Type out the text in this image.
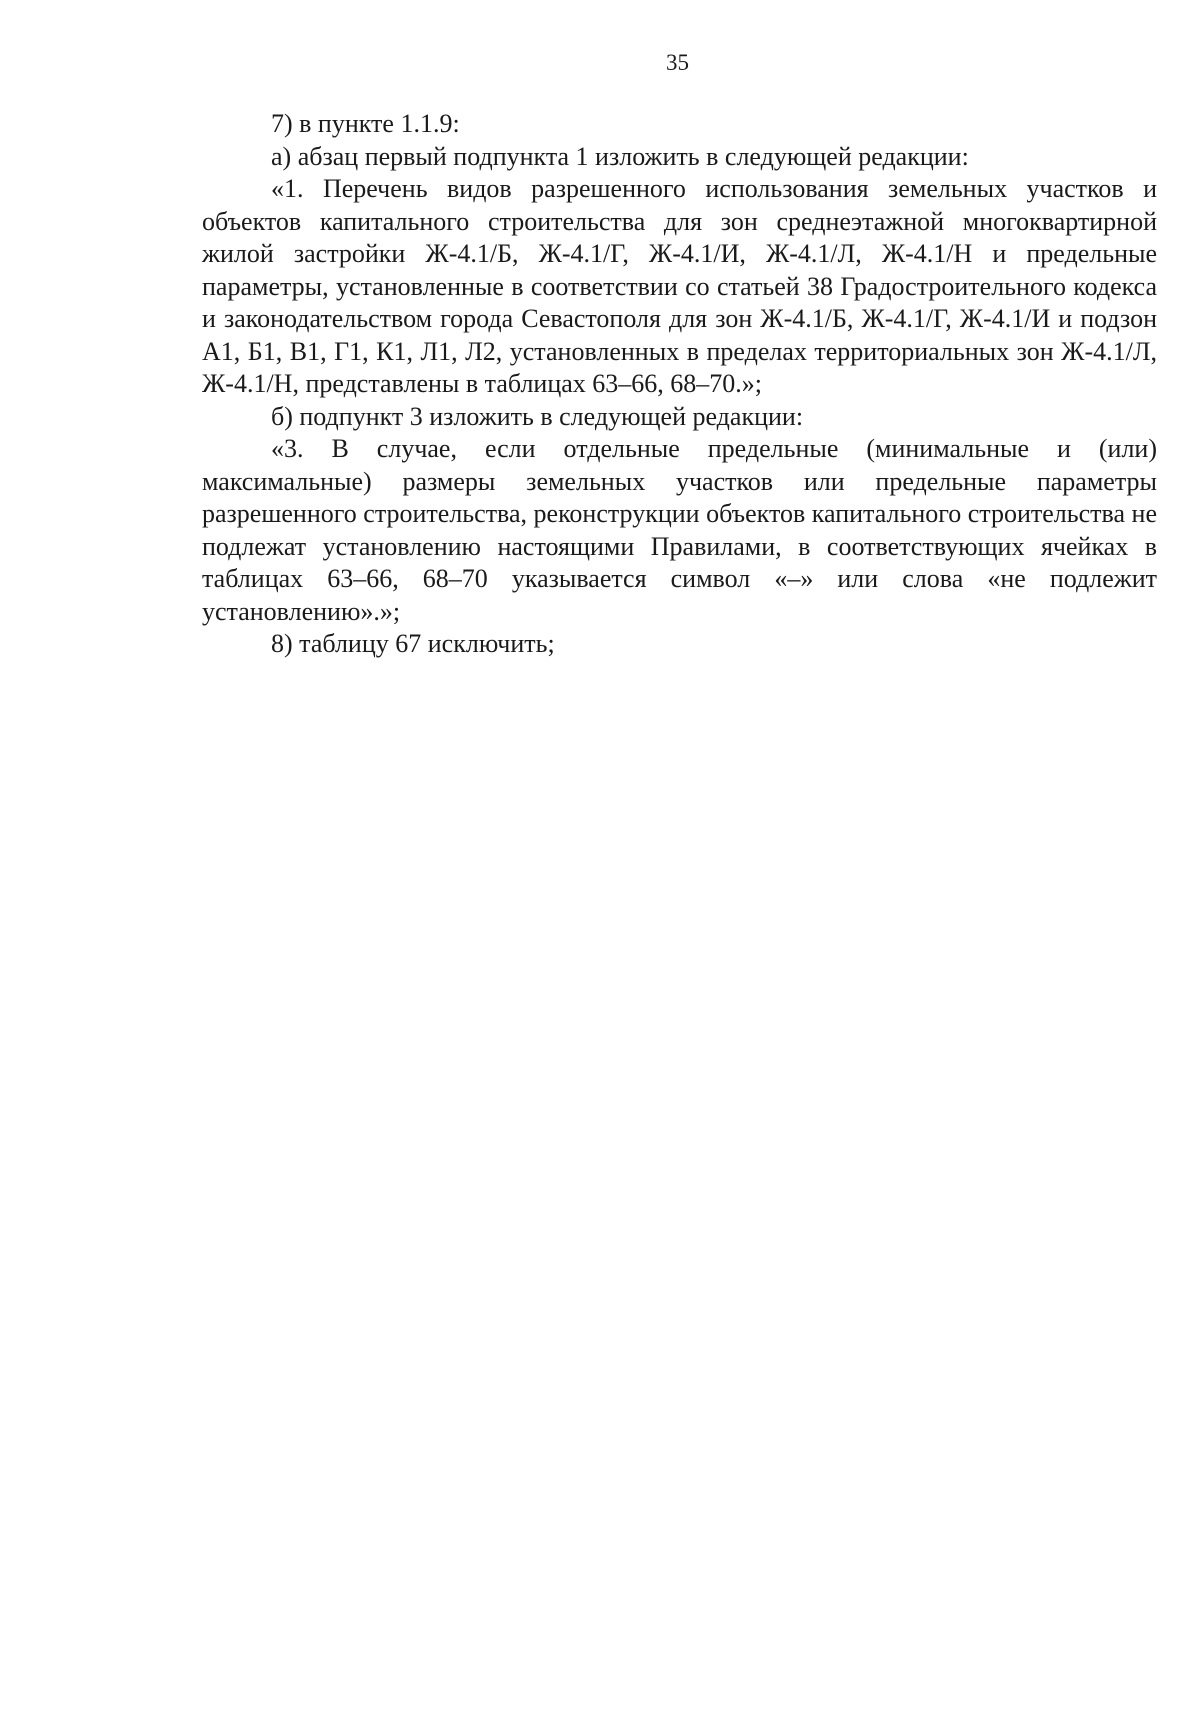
35

7) в пункте 1.1.9:

а) абзац первый подпункта 1 изложить в следующей редакции:

«1. Перечень видов разрешенного использования земельных участков и объектов капитального строительства для зон среднеэтажной многоквартирной жилой застройки Ж-4.1/Б, Ж-4.1/Г, Ж-4.1/И, Ж-4.1/Л, Ж-4.1/Н и предельные параметры, установленные в соответствии со статьей 38 Градостроительного кодекса и законодательством города Севастополя для зон Ж-4.1/Б, Ж-4.1/Г, Ж-4.1/И и подзон А1, Б1, В1, Г1, К1, Л1, Л2, установленных в пределах территориальных зон Ж-4.1/Л, Ж-4.1/Н, представлены в таблицах 63–66, 68–70.»;

б) подпункт 3 изложить в следующей редакции:

«3. В случае, если отдельные предельные (минимальные и (или) максимальные) размеры земельных участков или предельные параметры разрешенного строительства, реконструкции объектов капитального строительства не подлежат установлению настоящими Правилами, в соответствующих ячейках в таблицах 63–66, 68–70 указывается символ «–» или слова «не подлежит установлению».»;

8) таблицу 67 исключить;
